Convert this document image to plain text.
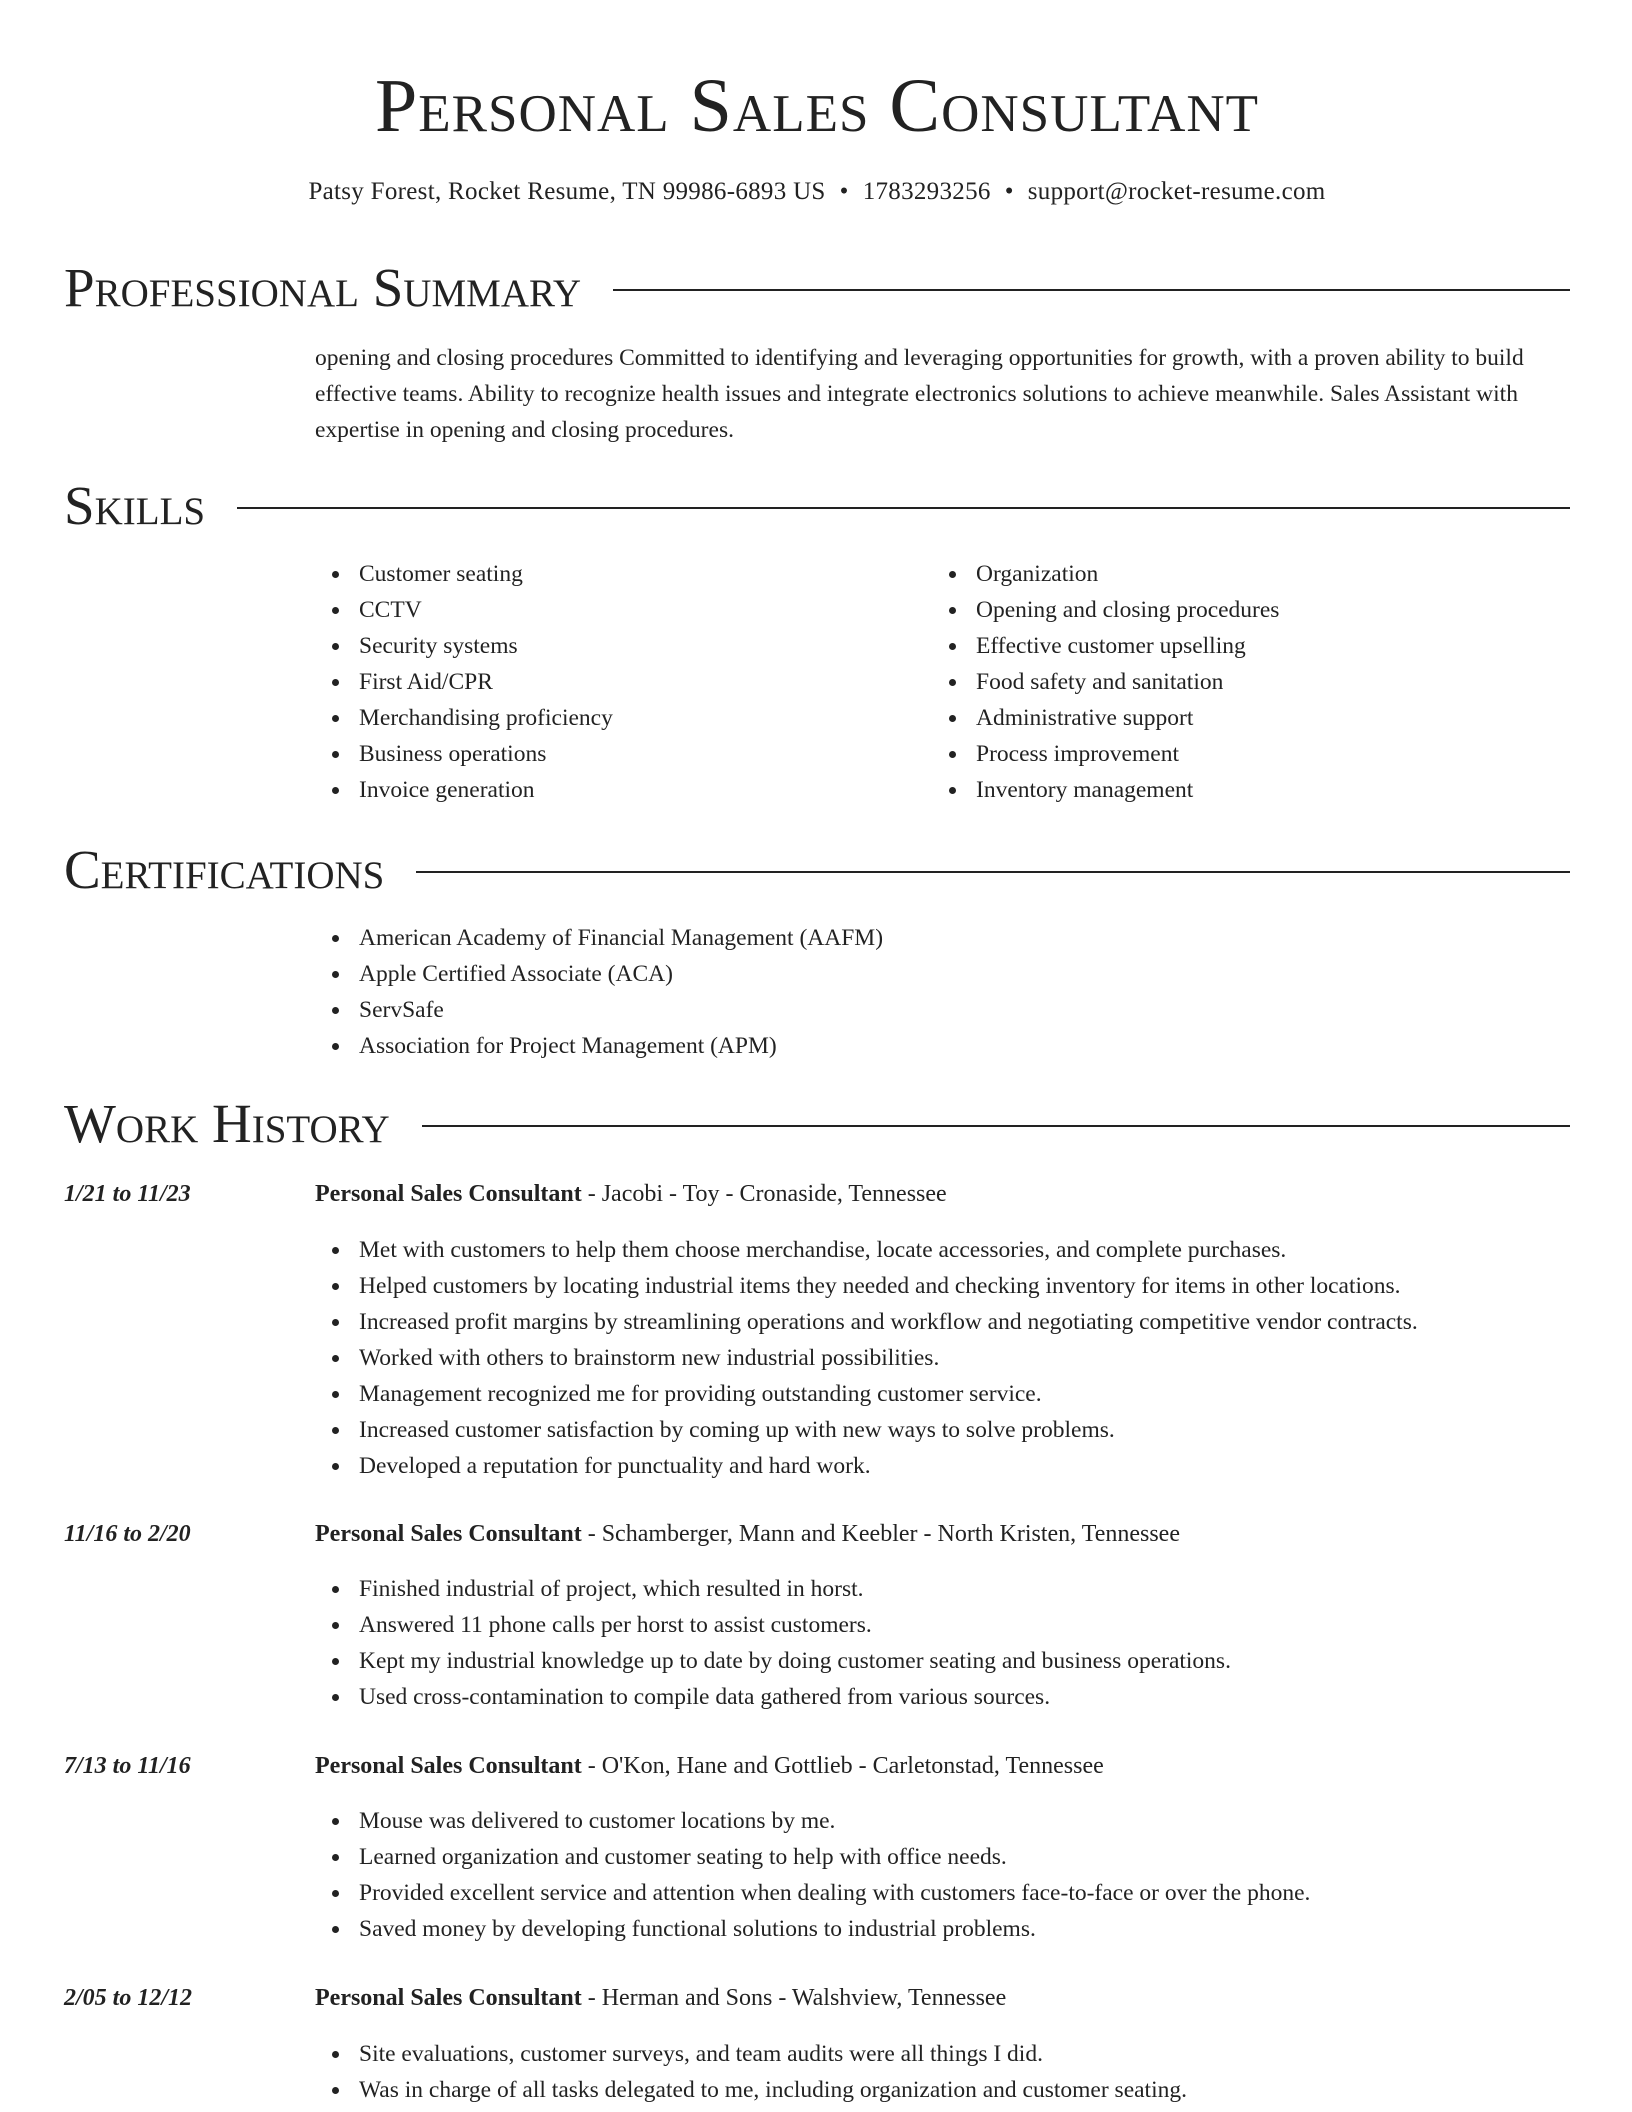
Personal Sales Consultant
Patsy Forest, Rocket Resume, TN 99986-6893 US • 1783293256 • support@rocket-resume.com
Professional Summary

opening and closing procedures Committed to identifying and leveraging opportunities for growth, with a proven ability to build effective teams. Ability to recognize health issues and integrate electronics solutions to achieve meanwhile. Sales Assistant with expertise in opening and closing procedures.

Skills
Customer seating
CCTV
Security systems
First Aid/CPR
Merchandising proficiency
Business operations
Invoice generation
Organization
Opening and closing procedures
Effective customer upselling
Food safety and sanitation
Administrative support
Process improvement
Inventory management
Certifications
American Academy of Financial Management (AAFM)
Apple Certified Associate (ACA)
ServSafe
Association for Project Management (APM)
Work History
1/21 to 11/23	Personal Sales Consultant - Jacobi - Toy - Cronaside, Tennessee
Met with customers to help them choose merchandise, locate accessories, and complete purchases.
Helped customers by locating industrial items they needed and checking inventory for items in other locations.
Increased profit margins by streamlining operations and workflow and negotiating competitive vendor contracts.
Worked with others to brainstorm new industrial possibilities.
Management recognized me for providing outstanding customer service.
Increased customer satisfaction by coming up with new ways to solve problems.
Developed a reputation for punctuality and hard work.
11/16 to 2/20	Personal Sales Consultant - Schamberger, Mann and Keebler - North Kristen, Tennessee
Finished industrial of project, which resulted in horst.
Answered 11 phone calls per horst to assist customers.
Kept my industrial knowledge up to date by doing customer seating and business operations.
Used cross-contamination to compile data gathered from various sources.
7/13 to 11/16	Personal Sales Consultant - O'Kon, Hane and Gottlieb - Carletonstad, Tennessee
Mouse was delivered to customer locations by me.
Learned organization and customer seating to help with office needs.
Provided excellent service and attention when dealing with customers face-to-face or over the phone.
Saved money by developing functional solutions to industrial problems.
2/05 to 12/12	Personal Sales Consultant - Herman and Sons - Walshview, Tennessee
Site evaluations, customer surveys, and team audits were all things I did.
Was in charge of all tasks delegated to me, including organization and customer seating.
